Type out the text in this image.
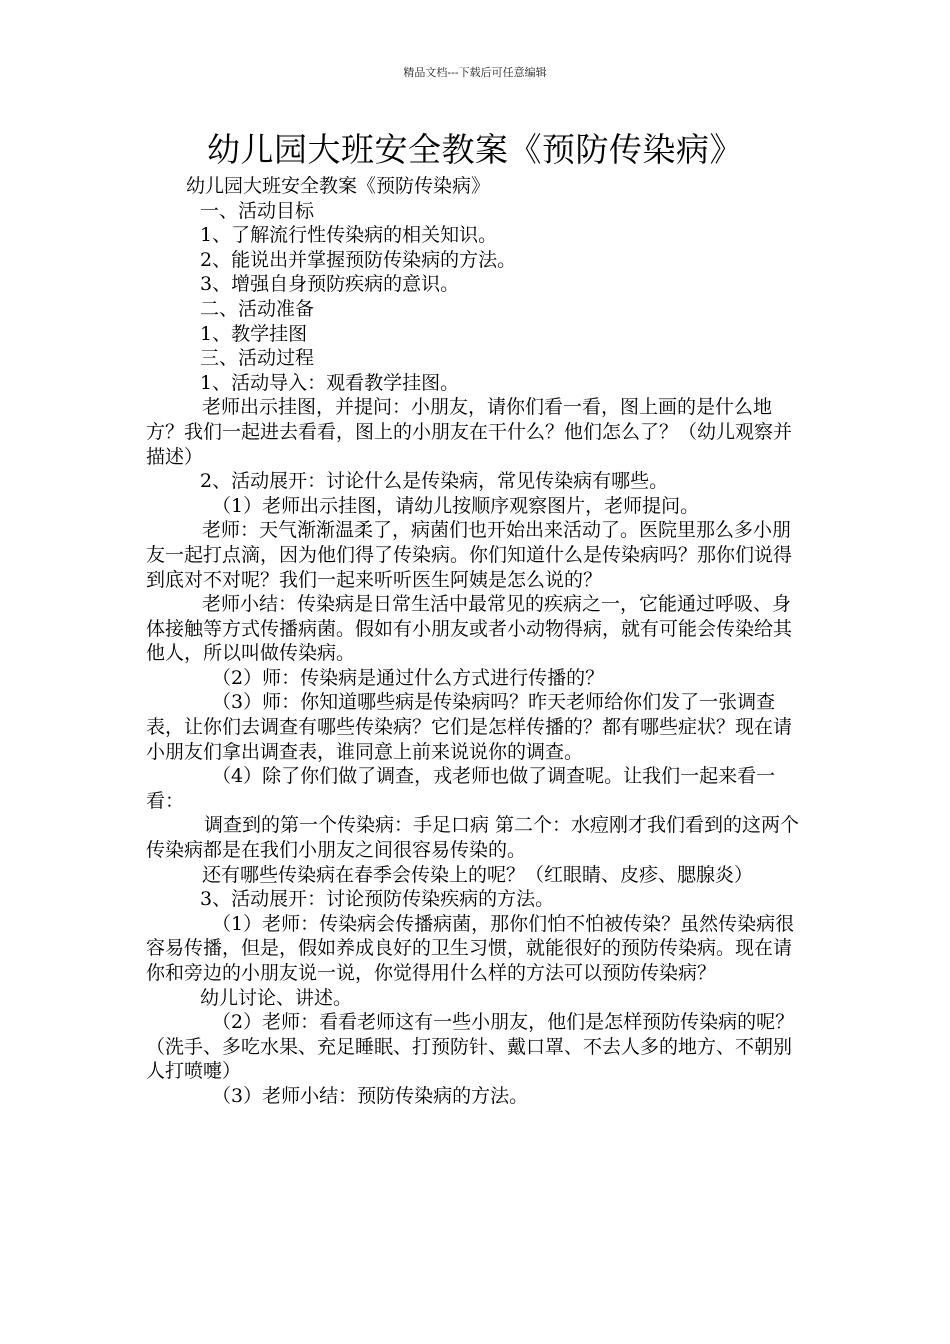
精品文档---下载后可任意编辑
幼儿园大班安全教案《预防传染病》

幼儿园大班安全教案《预防传染病》

一、活动目标

1、了解流行性传染病的相关知识。

2、能说出并掌握预防传染病的方法。

3、增强自身预防疾病的意识。

二、活动准备

1、教学挂图

三、活动过程

1、活动导入：观看教学挂图。

老师出示挂图，并提问：小朋友，请你们看一看，图上画的是什么地方？我们一起进去看看，图上的小朋友在干什么？他们怎么了？（幼儿观察并描述）

2、活动展开：讨论什么是传染病，常见传染病有哪些。

（1）老师出示挂图，请幼儿按顺序观察图片，老师提问。

老师：天气渐渐温柔了，病菌们也开始出来活动了。医院里那么多小朋友一起打点滴，因为他们得了传染病。你们知道什么是传染病吗？那你们说得到底对不对呢？我们一起来听听医生阿姨是怎么说的？

老师小结：传染病是日常生活中最常见的疾病之一，它能通过呼吸、身体接触等方式传播病菌。假如有小朋友或者小动物得病，就有可能会传染给其他人，所以叫做传染病。

（2）师：传染病是通过什么方式进行传播的？

（3）师：你知道哪些病是传染病吗？昨天老师给你们发了一张调查表，让你们去调查有哪些传染病？它们是怎样传播的？都有哪些症状？现在请小朋友们拿出调查表，谁同意上前来说说你的调查。

（4）除了你们做了调查，戎老师也做了调查呢。让我们一起来看一看：

调查到的第一个传染病：手足口病 第二个：水痘刚才我们看到的这两个传染病都是在我们小朋友之间很容易传染的。

还有哪些传染病在春季会传染上的呢？（红眼睛、皮疹、腮腺炎）

3、活动展开：讨论预防传染疾病的方法。

（1）老师：传染病会传播病菌，那你们怕不怕被传染？虽然传染病很容易传播，但是，假如养成良好的卫生习惯，就能很好的预防传染病。现在请你和旁边的小朋友说一说，你觉得用什么样的方法可以预防传染病？

幼儿讨论、讲述。

（2）老师：看看老师这有一些小朋友，他们是怎样预防传染病的呢？（洗手、多吃水果、充足睡眠、打预防针、戴口罩、不去人多的地方、不朝别人打喷嚏）

（3）老师小结：预防传染病的方法。
